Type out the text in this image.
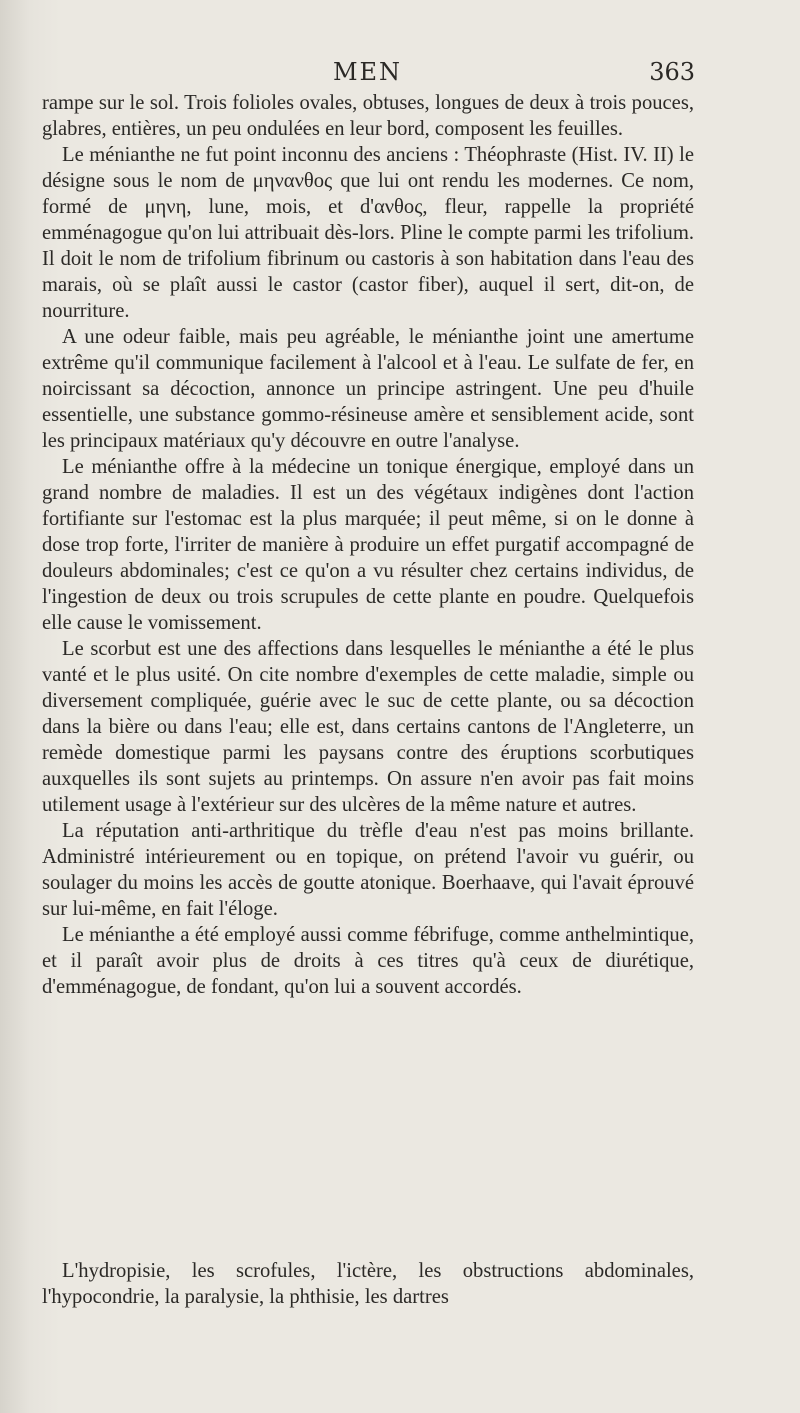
MEN	363

rampe sur le sol. Trois folioles ovales, obtuses, longues de deux à trois pouces, glabres, entières, un peu ondulées en leur bord, composent les feuilles.

Le ménianthe ne fut point inconnu des anciens : Théophraste (Hist. IV. II) le désigne sous le nom de μηνανθος que lui ont rendu les modernes. Ce nom, formé de μηνη, lune, mois, et d'ανθος, fleur, rappelle la propriété emménagogue qu'on lui attribuait dès-lors. Pline le compte parmi les trifolium. Il doit le nom de trifolium fibrinum ou castoris à son habitation dans l'eau des marais, où se plaît aussi le castor (castor fiber), auquel il sert, dit-on, de nourriture.

A une odeur faible, mais peu agréable, le ménianthe joint une amertume extrême qu'il communique facilement à l'alcool et à l'eau. Le sulfate de fer, en noircissant sa décoction, annonce un principe astringent. Une peu d'huile essentielle, une substance gommo-résineuse amère et sensiblement acide, sont les principaux matériaux qu'y découvre en outre l'analyse.

Le ménianthe offre à la médecine un tonique énergique, employé dans un grand nombre de maladies. Il est un des végétaux indigènes dont l'action fortifiante sur l'estomac est la plus marquée; il peut même, si on le donne à dose trop forte, l'irriter de manière à produire un effet purgatif accompagné de douleurs abdominales; c'est ce qu'on a vu résulter chez certains individus, de l'ingestion de deux ou trois scrupules de cette plante en poudre. Quelquefois elle cause le vomissement.

Le scorbut est une des affections dans lesquelles le ménianthe a été le plus vanté et le plus usité. On cite nombre d'exemples de cette maladie, simple ou diversement compliquée, guérie avec le suc de cette plante, ou sa décoction dans la bière ou dans l'eau; elle est, dans certains cantons de l'Angleterre, un remède domestique parmi les paysans contre des éruptions scorbutiques auxquelles ils sont sujets au printemps. On assure n'en avoir pas fait moins utilement usage à l'extérieur sur des ulcères de la même nature et autres.

La réputation anti-arthritique du trèfle d'eau n'est pas moins brillante. Administré intérieurement ou en topique, on prétend l'avoir vu guérir, ou soulager du moins les accès de goutte atonique. Boerhaave, qui l'avait éprouvé sur lui-même, en fait l'éloge.

Le ménianthe a été employé aussi comme fébrifuge, comme anthelmintique, et il paraît avoir plus de droits à ces titres qu'à ceux de diurétique, d'emménagogue, de fondant, qu'on lui a souvent accordés.

L'hydropisie, les scrofules, l'ictère, les obstructions abdominales, l'hypocondrie, la paralysie, la phthisie, les dartres
